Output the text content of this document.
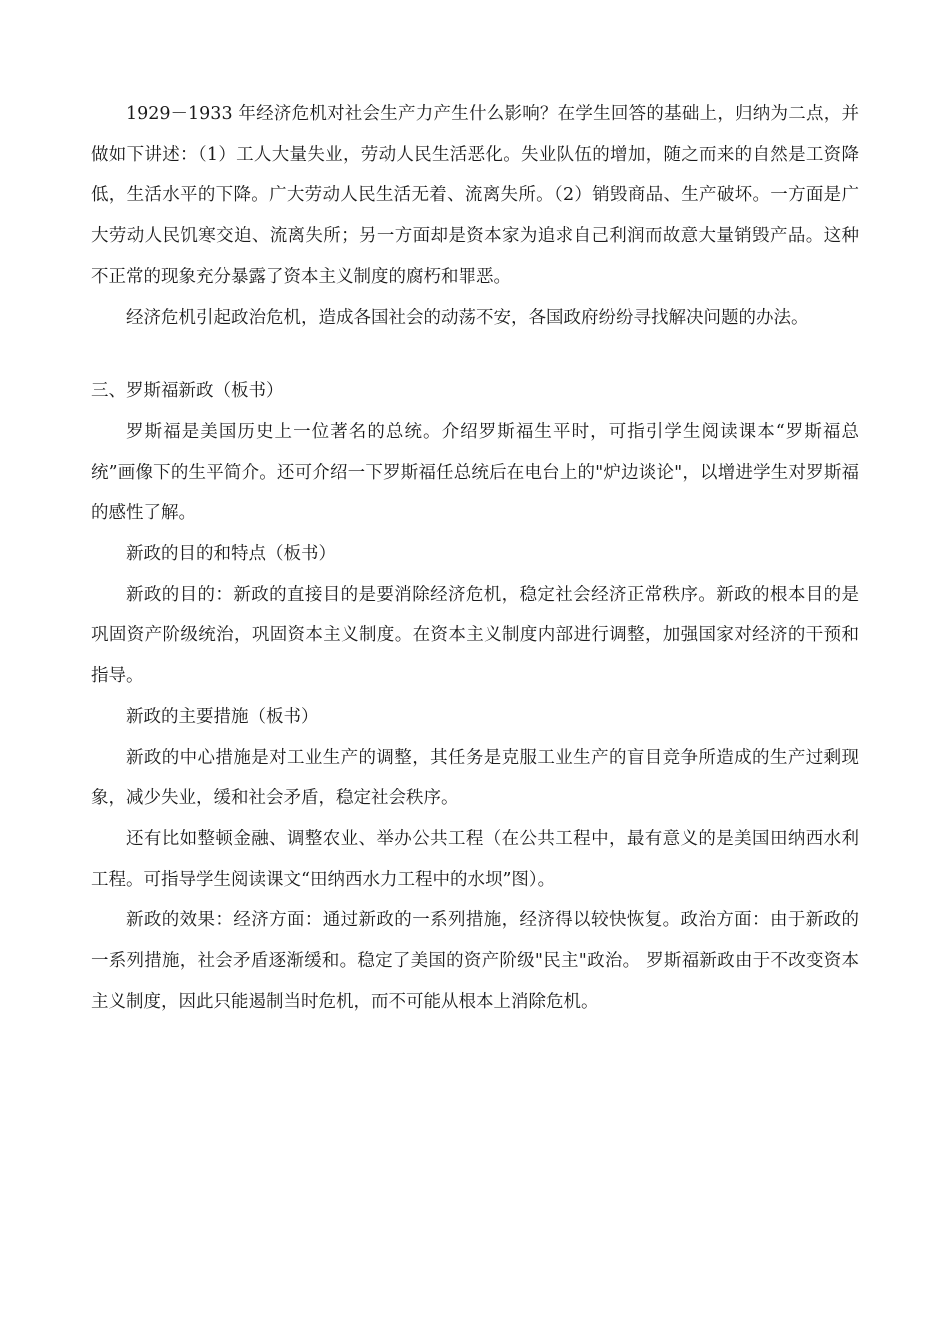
1929－1933 年经济危机对社会生产力产生什么影响？在学生回答的基础上，归纳为二点，并做如下讲述：（1）工人大量失业，劳动人民生活恶化。失业队伍的增加，随之而来的自然是工资降低，生活水平的下降。广大劳动人民生活无着、流离失所。（2）销毁商品、生产破坏。一方面是广大劳动人民饥寒交迫、流离失所；另一方面却是资本家为追求自己利润而故意大量销毁产品。这种不正常的现象充分暴露了资本主义制度的腐朽和罪恶。

经济危机引起政治危机，造成各国社会的动荡不安，各国政府纷纷寻找解决问题的办法。

三、罗斯福新政（板书）

罗斯福是美国历史上一位著名的总统。介绍罗斯福生平时，可指引学生阅读课本“罗斯福总统”画像下的生平简介。还可介绍一下罗斯福任总统后在电台上的"炉边谈论"，以增进学生对罗斯福的感性了解。

新政的目的和特点（板书）

新政的目的：新政的直接目的是要消除经济危机，稳定社会经济正常秩序。新政的根本目的是巩固资产阶级统治，巩固资本主义制度。在资本主义制度内部进行调整，加强国家对经济的干预和指导。

新政的主要措施（板书）

新政的中心措施是对工业生产的调整，其任务是克服工业生产的盲目竞争所造成的生产过剩现象，减少失业，缓和社会矛盾，稳定社会秩序。

还有比如整顿金融、调整农业、举办公共工程（在公共工程中，最有意义的是美国田纳西水利工程。可指导学生阅读课文“田纳西水力工程中的水坝”图）。

新政的效果：经济方面：通过新政的一系列措施，经济得以较快恢复。政治方面：由于新政的一系列措施，社会矛盾逐渐缓和。稳定了美国的资产阶级"民主"政治。 罗斯福新政由于不改变资本主义制度，因此只能遏制当时危机，而不可能从根本上消除危机。
